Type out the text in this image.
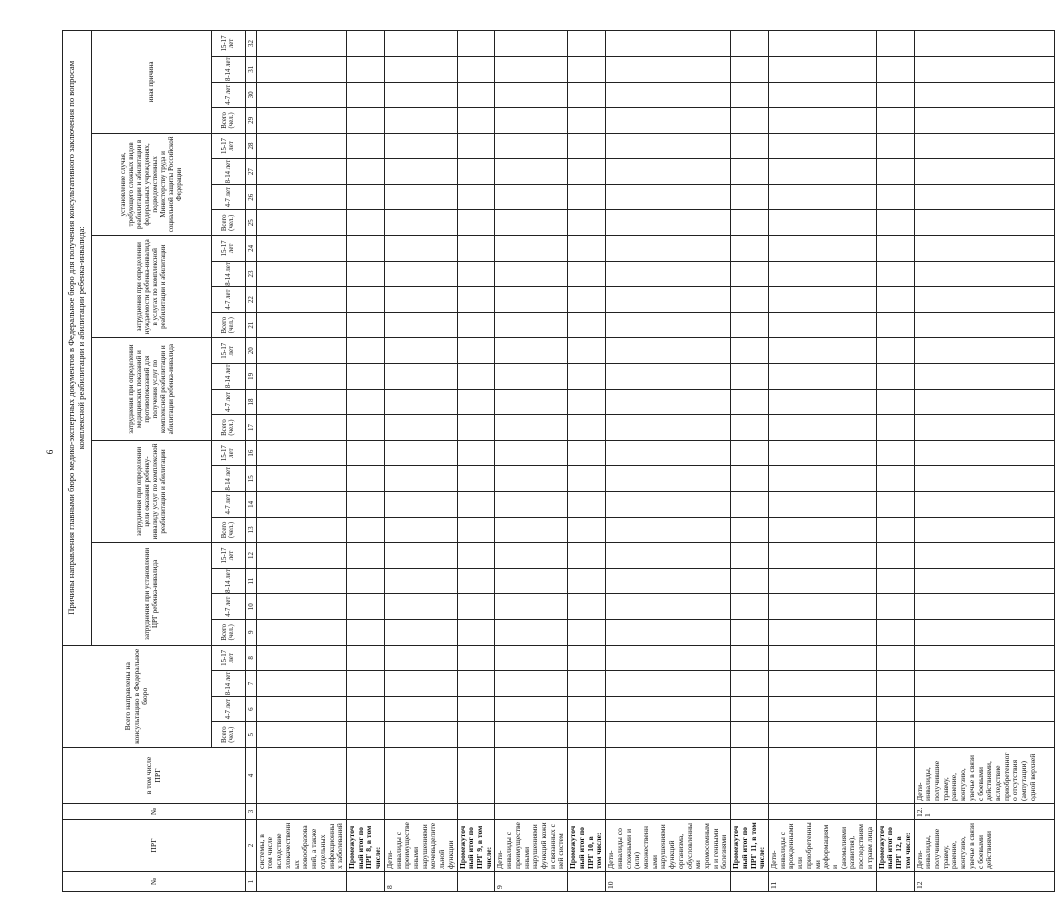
6
№	ПРГ	№	в том числе ПРГ	Всего направлены на консультацию в Федеральное бюро				Причины направления главными бюро медико-экспертных документов в Федеральное бюро для получения консультативного заключения по вопросам комплексной реабилитации и абилитации ребенка-инвалида:																							
								затруднения при установлении ЦРГ ребенка-инвалида				затруднения при определении цели оказания ребенку-инвалиду услуг по комплексной реабилитации и абилитации				затруднения при определении медицинских показаний и противопоказаний для получения услуг по комплексной реабилитации и абилитации ребенка-инвалида				затруднения при определении нуждаемости ребенка-инвалида в услугах по комплексной реабилитации и абилитации				установление случая, требующего сложных видов реабилитации и абилитации в федеральных учреждениях, подведомственных Министерству труда и социальной защиты Российской Федерации				иная причина			
				Всего (чел.)	4-7 лет	8-14 лет	15-17 лет	Всего (чел.)	4-7 лет	8-14 лет	15-17 лет	Всего (чел.)	4-7 лет	8-14 лет	15-17 лет	Всего (чел.)	4-7 лет	8-14 лет	15-17 лет	Всего (чел.)	4-7 лет	8-14 лет	15-17 лет	Всего (чел.)	4-7 лет	8-14 лет	15-17 лет	Всего (чел.)	4-7 лет	8-14 лет	15-17 лет
1	2	3	4	5	6	7	8	9	10	11	12	13	14	15	16	17	18	19	20	21	22	23	24	25	26	27	28	29	30	31	32
	системы, в том числе вследствие злокачественных новообразований, а также отдельных инфекционных заболеваний																														
	Промежуточный итог по ПРГ 8, в том числе:																														
8	Дети-инвалиды с преимущественными нарушениями мочевыделительной функции																														
	Промежуточный итог по ПРГ 9, в том числе:																														
9	Дети-инвалиды с преимущественными нарушениями функций кожи и связанных с ней систем																														
	Промежуточный итог по ПРГ 10, в том числе:																														
10	Дети-инвалиды со сложными и (или) множественными нарушениями функций организма, обусловленными хромосомными и генными болезнями																														
	Промежуточный итог по ПРГ 11, в том числе:																														
11	Дети-инвалиды с врожденными или приобретенными деформациями (аномалиями развития), последствиями травм лица																														
	Промежуточный итог по ПРГ 12, в том числе:																														
12	Дети-инвалиды, получившие травму, ранение, контузию, увечье в связи с боевыми действиями	12.1	Дети-инвалиды, получившие травму, ранение, контузию, увечье в связи с боевыми действиями, вследствие приобретенного отсутствия (ампутации) одной верхней																												
